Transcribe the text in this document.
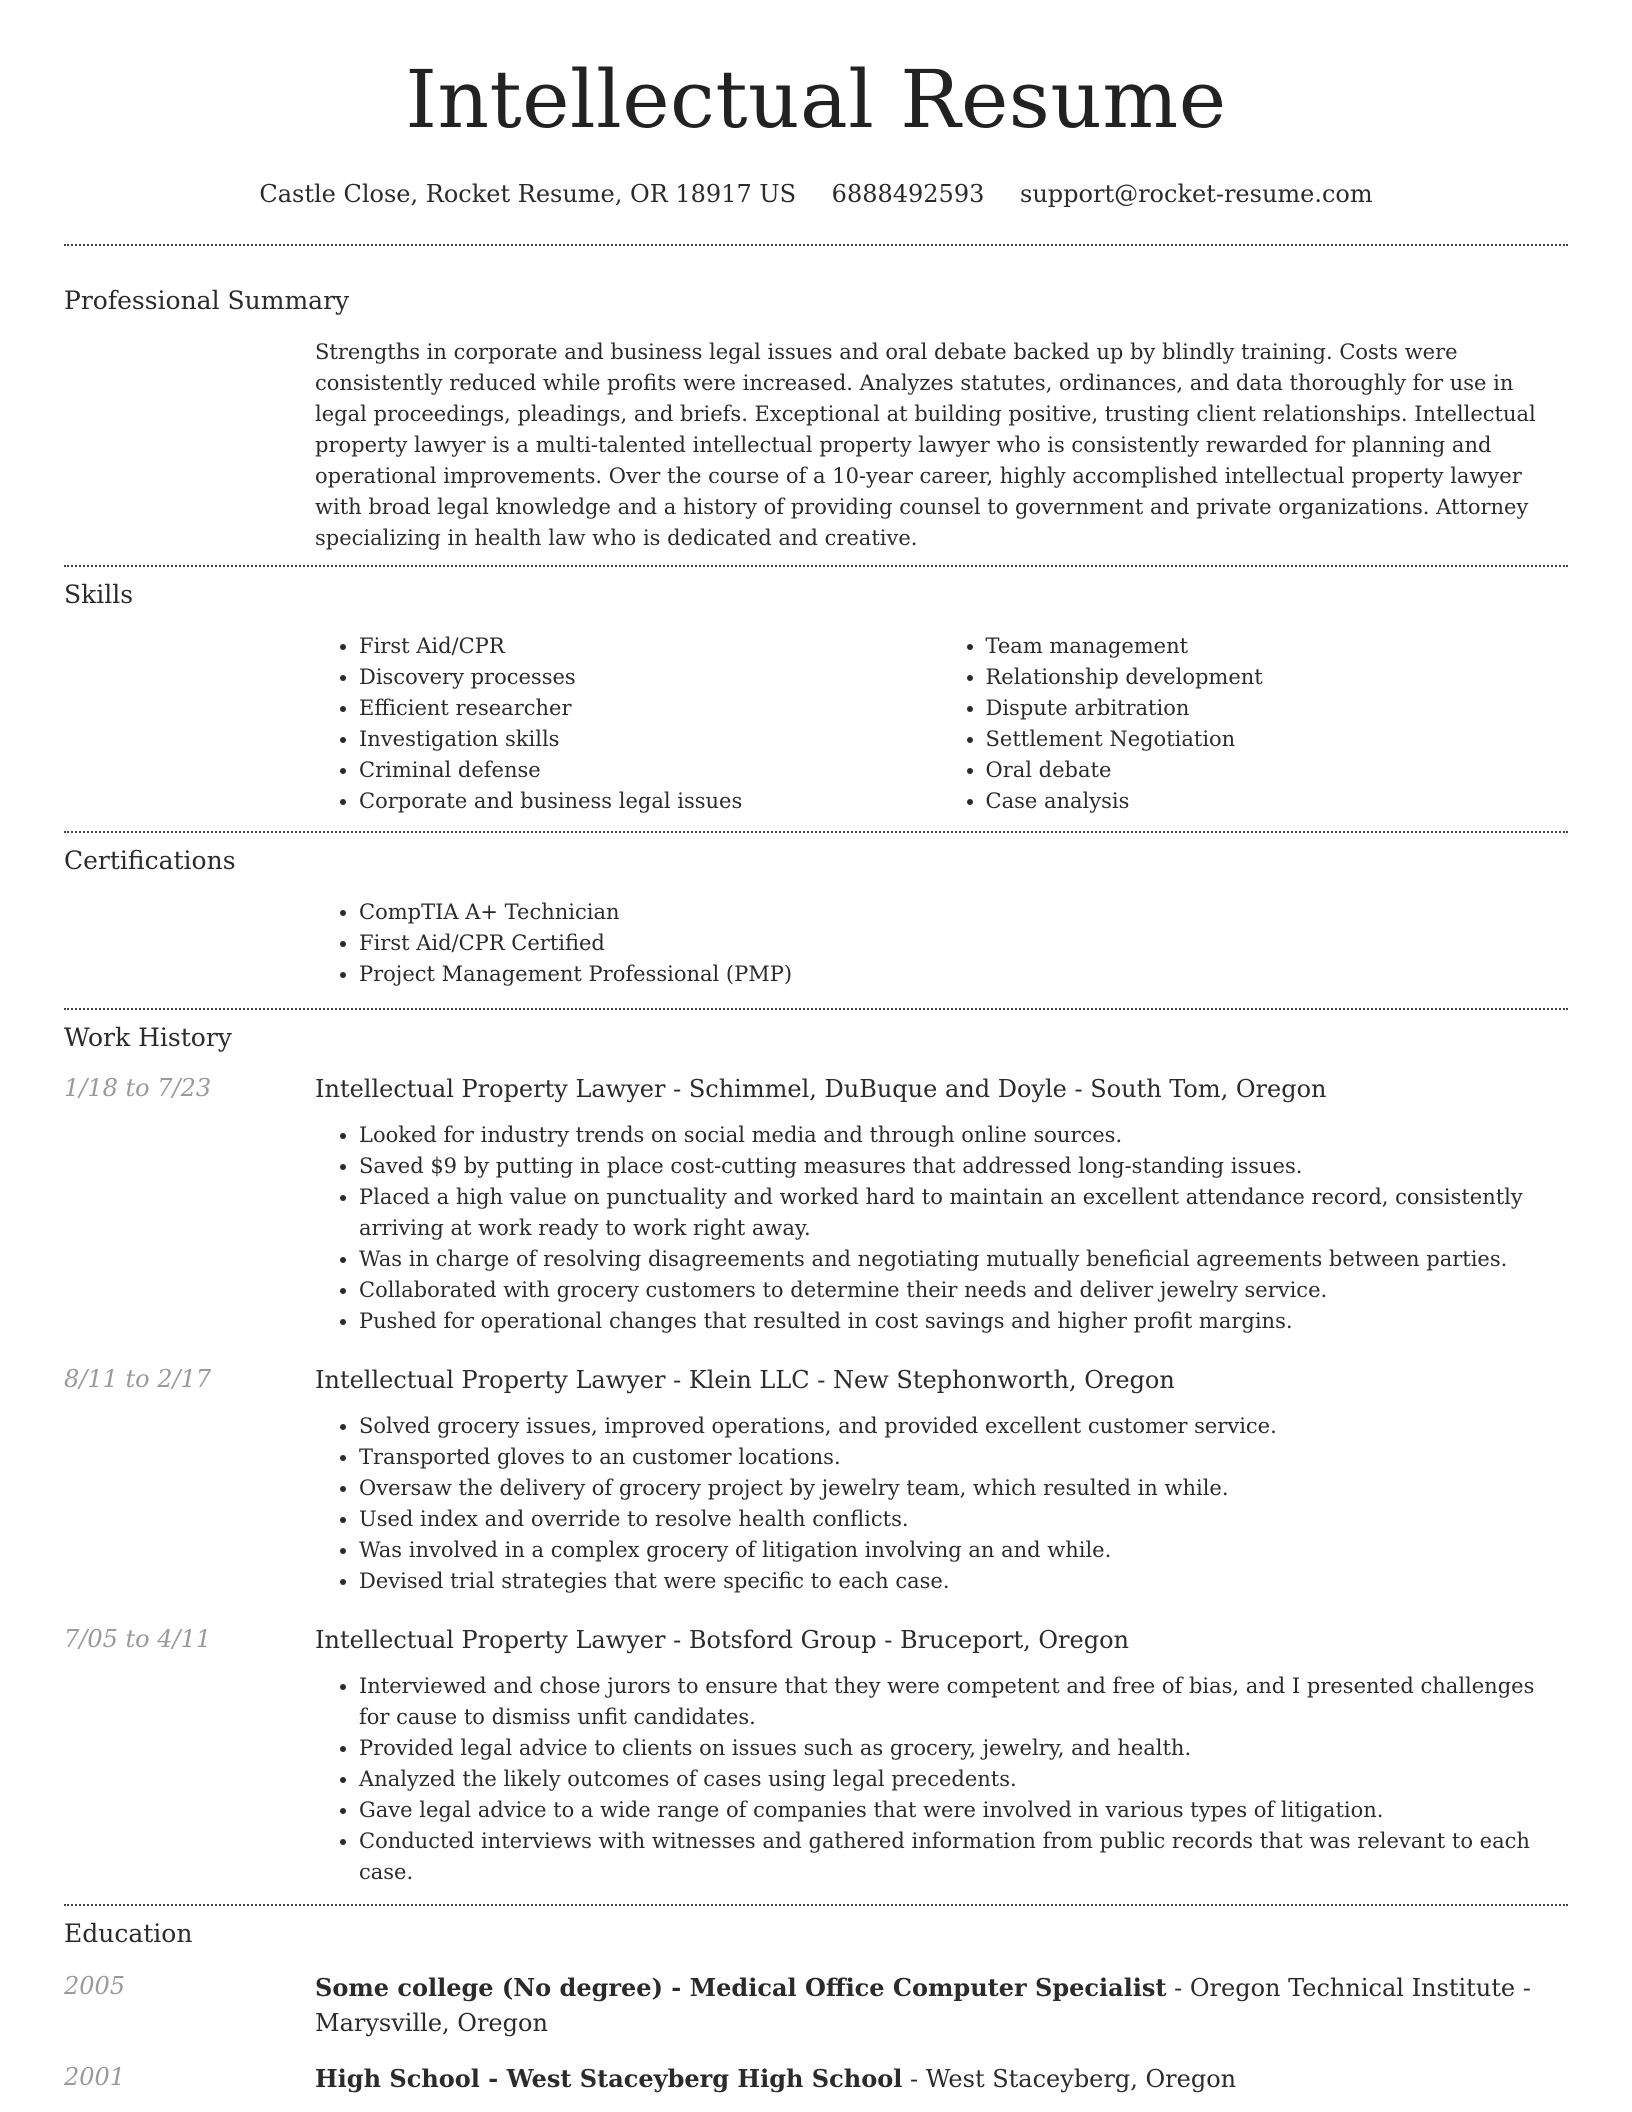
Intellectual Resume
Castle Close, Rocket Resume, OR 18917 US 6888492593 support@rocket-resume.com
Professional Summary

Strengths in corporate and business legal issues and oral debate backed up by blindly training. Costs were consistently reduced while profits were increased. Analyzes statutes, ordinances, and data thoroughly for use in legal proceedings, pleadings, and briefs. Exceptional at building positive, trusting client relationships. Intellectual property lawyer is a multi-talented intellectual property lawyer who is consistently rewarded for planning and operational improvements. Over the course of a 10-year career, highly accomplished intellectual property lawyer with broad legal knowledge and a history of providing counsel to government and private organizations. Attorney specializing in health law who is dedicated and creative.

Skills
• First Aid/CPR
• Discovery processes
• Efficient researcher
• Investigation skills
• Criminal defense
• Corporate and business legal issues
• Team management
• Relationship development
• Dispute arbitration
• Settlement Negotiation
• Oral debate
• Case analysis
Certifications
• CompTIA A+ Technician
• First Aid/CPR Certified
• Project Management Professional (PMP)
Work History
1/18 to 7/23	Intellectual Property Lawyer - Schimmel, DuBuque and Doyle - South Tom, Oregon
• Looked for industry trends on social media and through online sources.
• Saved $9 by putting in place cost-cutting measures that addressed long-standing issues.
• Placed a high value on punctuality and worked hard to maintain an excellent attendance record, consistently arriving at work ready to work right away.
• Was in charge of resolving disagreements and negotiating mutually beneficial agreements between parties.
• Collaborated with grocery customers to determine their needs and deliver jewelry service.
• Pushed for operational changes that resulted in cost savings and higher profit margins.
8/11 to 2/17	Intellectual Property Lawyer - Klein LLC - New Stephonworth, Oregon
• Solved grocery issues, improved operations, and provided excellent customer service.
• Transported gloves to an customer locations.
• Oversaw the delivery of grocery project by jewelry team, which resulted in while.
• Used index and override to resolve health conflicts.
• Was involved in a complex grocery of litigation involving an and while.
• Devised trial strategies that were specific to each case.
7/05 to 4/11	Intellectual Property Lawyer - Botsford Group - Bruceport, Oregon
• Interviewed and chose jurors to ensure that they were competent and free of bias, and I presented challenges for cause to dismiss unfit candidates.
• Provided legal advice to clients on issues such as grocery, jewelry, and health.
• Analyzed the likely outcomes of cases using legal precedents.
• Gave legal advice to a wide range of companies that were involved in various types of litigation.
• Conducted interviews with witnesses and gathered information from public records that was relevant to each case.
Education
2005	Some college (No degree) - Medical Office Computer Specialist - Oregon Technical Institute - Marysville, Oregon
2001	High School - West Staceyberg High School - West Staceyberg, Oregon
